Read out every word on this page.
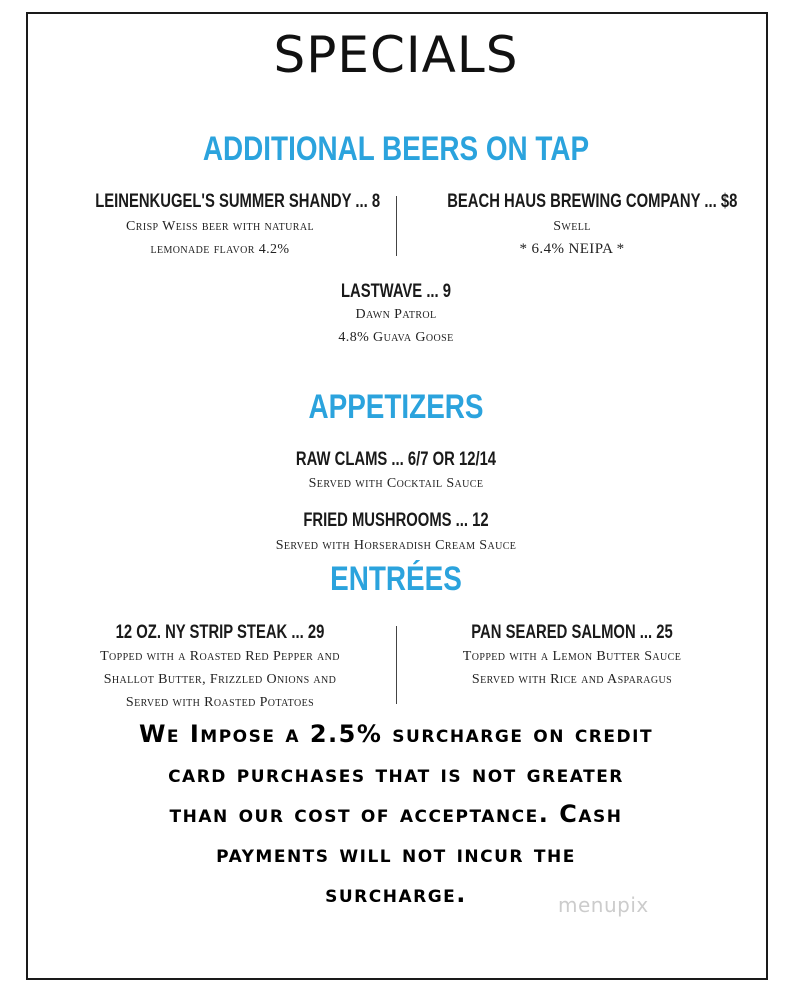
SPECIALS
ADDITIONAL BEERS ON TAP
LEINENKUGEL'S SUMMER SHANDY ... 8
Crisp Weiss beer with natural
lemonade flavor 4.2%
BEACH HAUS BREWING COMPANY ... $8
Swell
* 6.4% NEIPA *
LASTWAVE ... 9
Dawn Patrol
4.8% Guava Goose
APPETIZERS
RAW CLAMS ... 6/7 OR 12/14
Served with Cocktail Sauce
FRIED MUSHROOMS ... 12
Served with Horseradish Cream Sauce
ENTRÉES
12 OZ. NY STRIP STEAK ... 29
Topped with a Roasted Red Pepper and
Shallot Butter, Frizzled Onions and
Served with Roasted Potatoes
PAN SEARED SALMON ... 25
Topped with a Lemon Butter Sauce
Served with Rice and Asparagus
We Impose a 2.5% surcharge on credit
card purchases that is not greater
than our cost of acceptance. Cash
payments will not incur the
surcharge.	menupix
